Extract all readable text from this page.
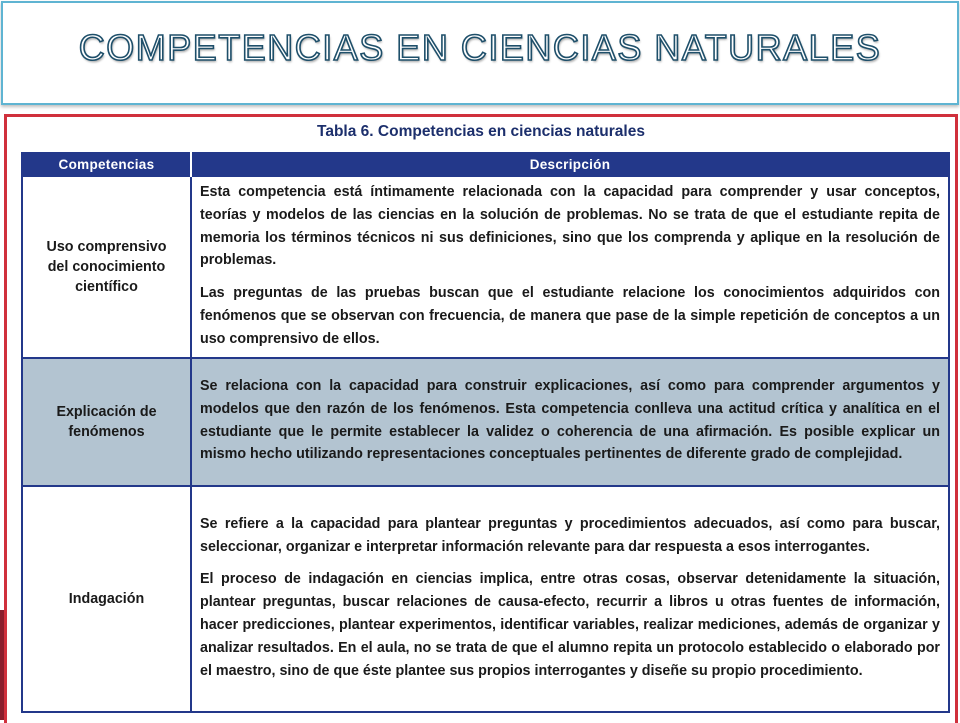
COMPETENCIAS EN CIENCIAS NATURALES
Tabla 6. Competencias en ciencias naturales
Competencias	Descripción
Uso comprensivo del conocimiento científico	Esta competencia está íntimamente relacionada con la capacidad para comprender y usar conceptos, teorías y modelos de las ciencias en la solución de problemas. No se trata de que el estudiante repita de memoria los términos técnicos ni sus definiciones, sino que los comprenda y aplique en la resolución de problemas.

Las preguntas de las pruebas buscan que el estudiante relacione los conocimientos adquiridos con fenómenos que se observan con frecuencia, de manera que pase de la simple repetición de conceptos a un uso comprensivo de ellos.

Explicación de fenómenos	Se relaciona con la capacidad para construir explicaciones, así como para comprender argumentos y modelos que den razón de los fenómenos. Esta competencia conlleva una actitud crítica y analítica en el estudiante que le permite establecer la validez o coherencia de una afirmación. Es posible explicar un mismo hecho utilizando representaciones conceptuales pertinentes de diferente grado de complejidad.

Indagación	Se refiere a la capacidad para plantear preguntas y procedimientos adecuados, así como para buscar, seleccionar, organizar e interpretar información relevante para dar respuesta a esos interrogantes.

El proceso de indagación en ciencias implica, entre otras cosas, observar detenidamente la situación, plantear preguntas, buscar relaciones de causa-efecto, recurrir a libros u otras fuentes de información, hacer predicciones, plantear experimentos, identificar variables, realizar mediciones, además de organizar y analizar resultados. En el aula, no se trata de que el alumno repita un protocolo establecido o elaborado por el maestro, sino de que éste plantee sus propios interrogantes y diseñe su propio procedimiento.
